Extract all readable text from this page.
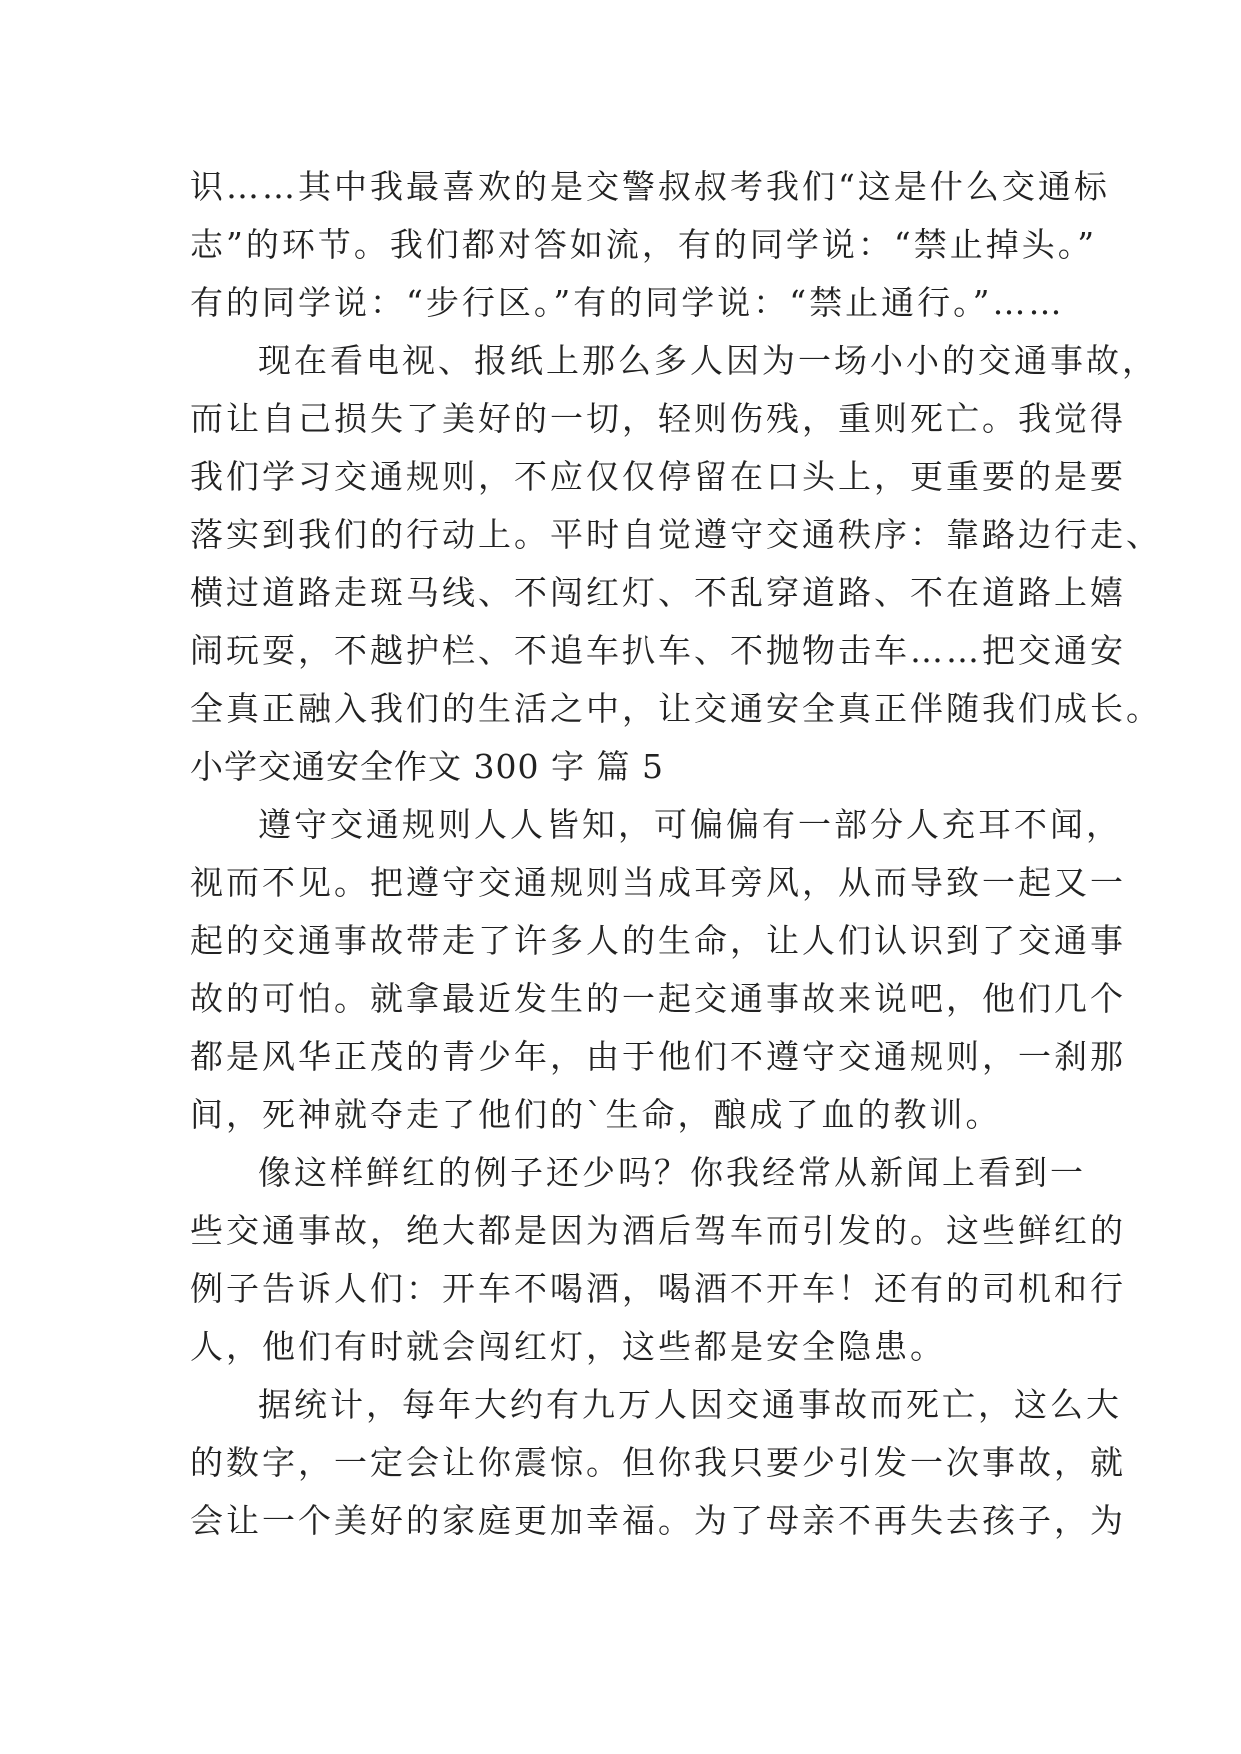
识……其中我最喜欢的是交警叔叔考我们“这是什么交通标
志”的环节。我们都对答如流，有的同学说：“禁止掉头。”
有的同学说：“步行区。”有的同学说：“禁止通行。”……
现在看电视、报纸上那么多人因为一场小小的交通事故，
而让自己损失了美好的一切，轻则伤残，重则死亡。我觉得
我们学习交通规则，不应仅仅停留在口头上，更重要的是要
落实到我们的行动上。平时自觉遵守交通秩序：靠路边行走、
横过道路走斑马线、不闯红灯、不乱穿道路、不在道路上嬉
闹玩耍，不越护栏、不追车扒车、不抛物击车……把交通安
全真正融入我们的生活之中，让交通安全真正伴随我们成长。
小学交通安全作文 300 字 篇 5
遵守交通规则人人皆知，可偏偏有一部分人充耳不闻，
视而不见。把遵守交通规则当成耳旁风，从而导致一起又一
起的交通事故带走了许多人的生命，让人们认识到了交通事
故的可怕。就拿最近发生的一起交通事故来说吧，他们几个
都是风华正茂的青少年，由于他们不遵守交通规则，一刹那
间，死神就夺走了他们的`生命，酿成了血的教训。
像这样鲜红的例子还少吗？你我经常从新闻上看到一
些交通事故，绝大都是因为酒后驾车而引发的。这些鲜红的
例子告诉人们：开车不喝酒，喝酒不开车！还有的司机和行
人，他们有时就会闯红灯，这些都是安全隐患。
据统计，每年大约有九万人因交通事故而死亡，这么大
的数字，一定会让你震惊。但你我只要少引发一次事故，就
会让一个美好的家庭更加幸福。为了母亲不再失去孩子，为
